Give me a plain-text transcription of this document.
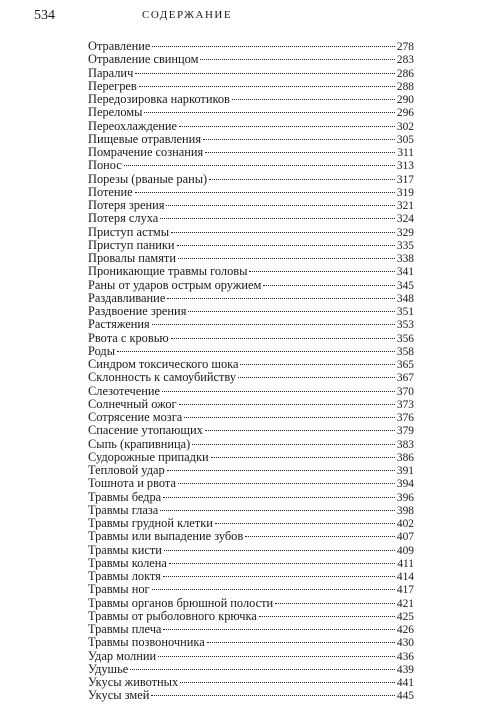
534	СОДЕРЖАНИЕ
Отравление	278
Отравление свинцом	283
Паралич	286
Перегрев	288
Передозировка наркотиков	290
Переломы	296
Переохлаждение	302
Пищевые отравления	305
Помрачение сознания	311
Понос	313
Порезы (рваные раны)	317
Потение	319
Потеря зрения	321
Потеря слуха	324
Приступ астмы	329
Приступ паники	335
Провалы памяти	338
Проникающие травмы головы	341
Раны от ударов острым оружием	345
Раздавливание	348
Раздвоение зрения	351
Растяжения	353
Рвота с кровью	356
Роды	358
Синдром токсического шока	365
Склонность к самоубийству	367
Слезотечение	370
Солнечный ожог	373
Сотрясение мозга	376
Спасение утопающих	379
Сыпь (крапивница)	383
Судорожные припадки	386
Тепловой удар	391
Тошнота и рвота	394
Травмы бедра	396
Травмы глаза	398
Травмы грудной клетки	402
Травмы или выпадение зубов	407
Травмы кисти	409
Травмы колена	411
Травмы локтя	414
Травмы ног	417
Травмы органов брюшной полости	421
Травмы от рыболовного крючка	425
Травмы плеча	426
Травмы позвоночника	430
Удар молнии	436
Удушье	439
Укусы животных	441
Укусы змей	445
